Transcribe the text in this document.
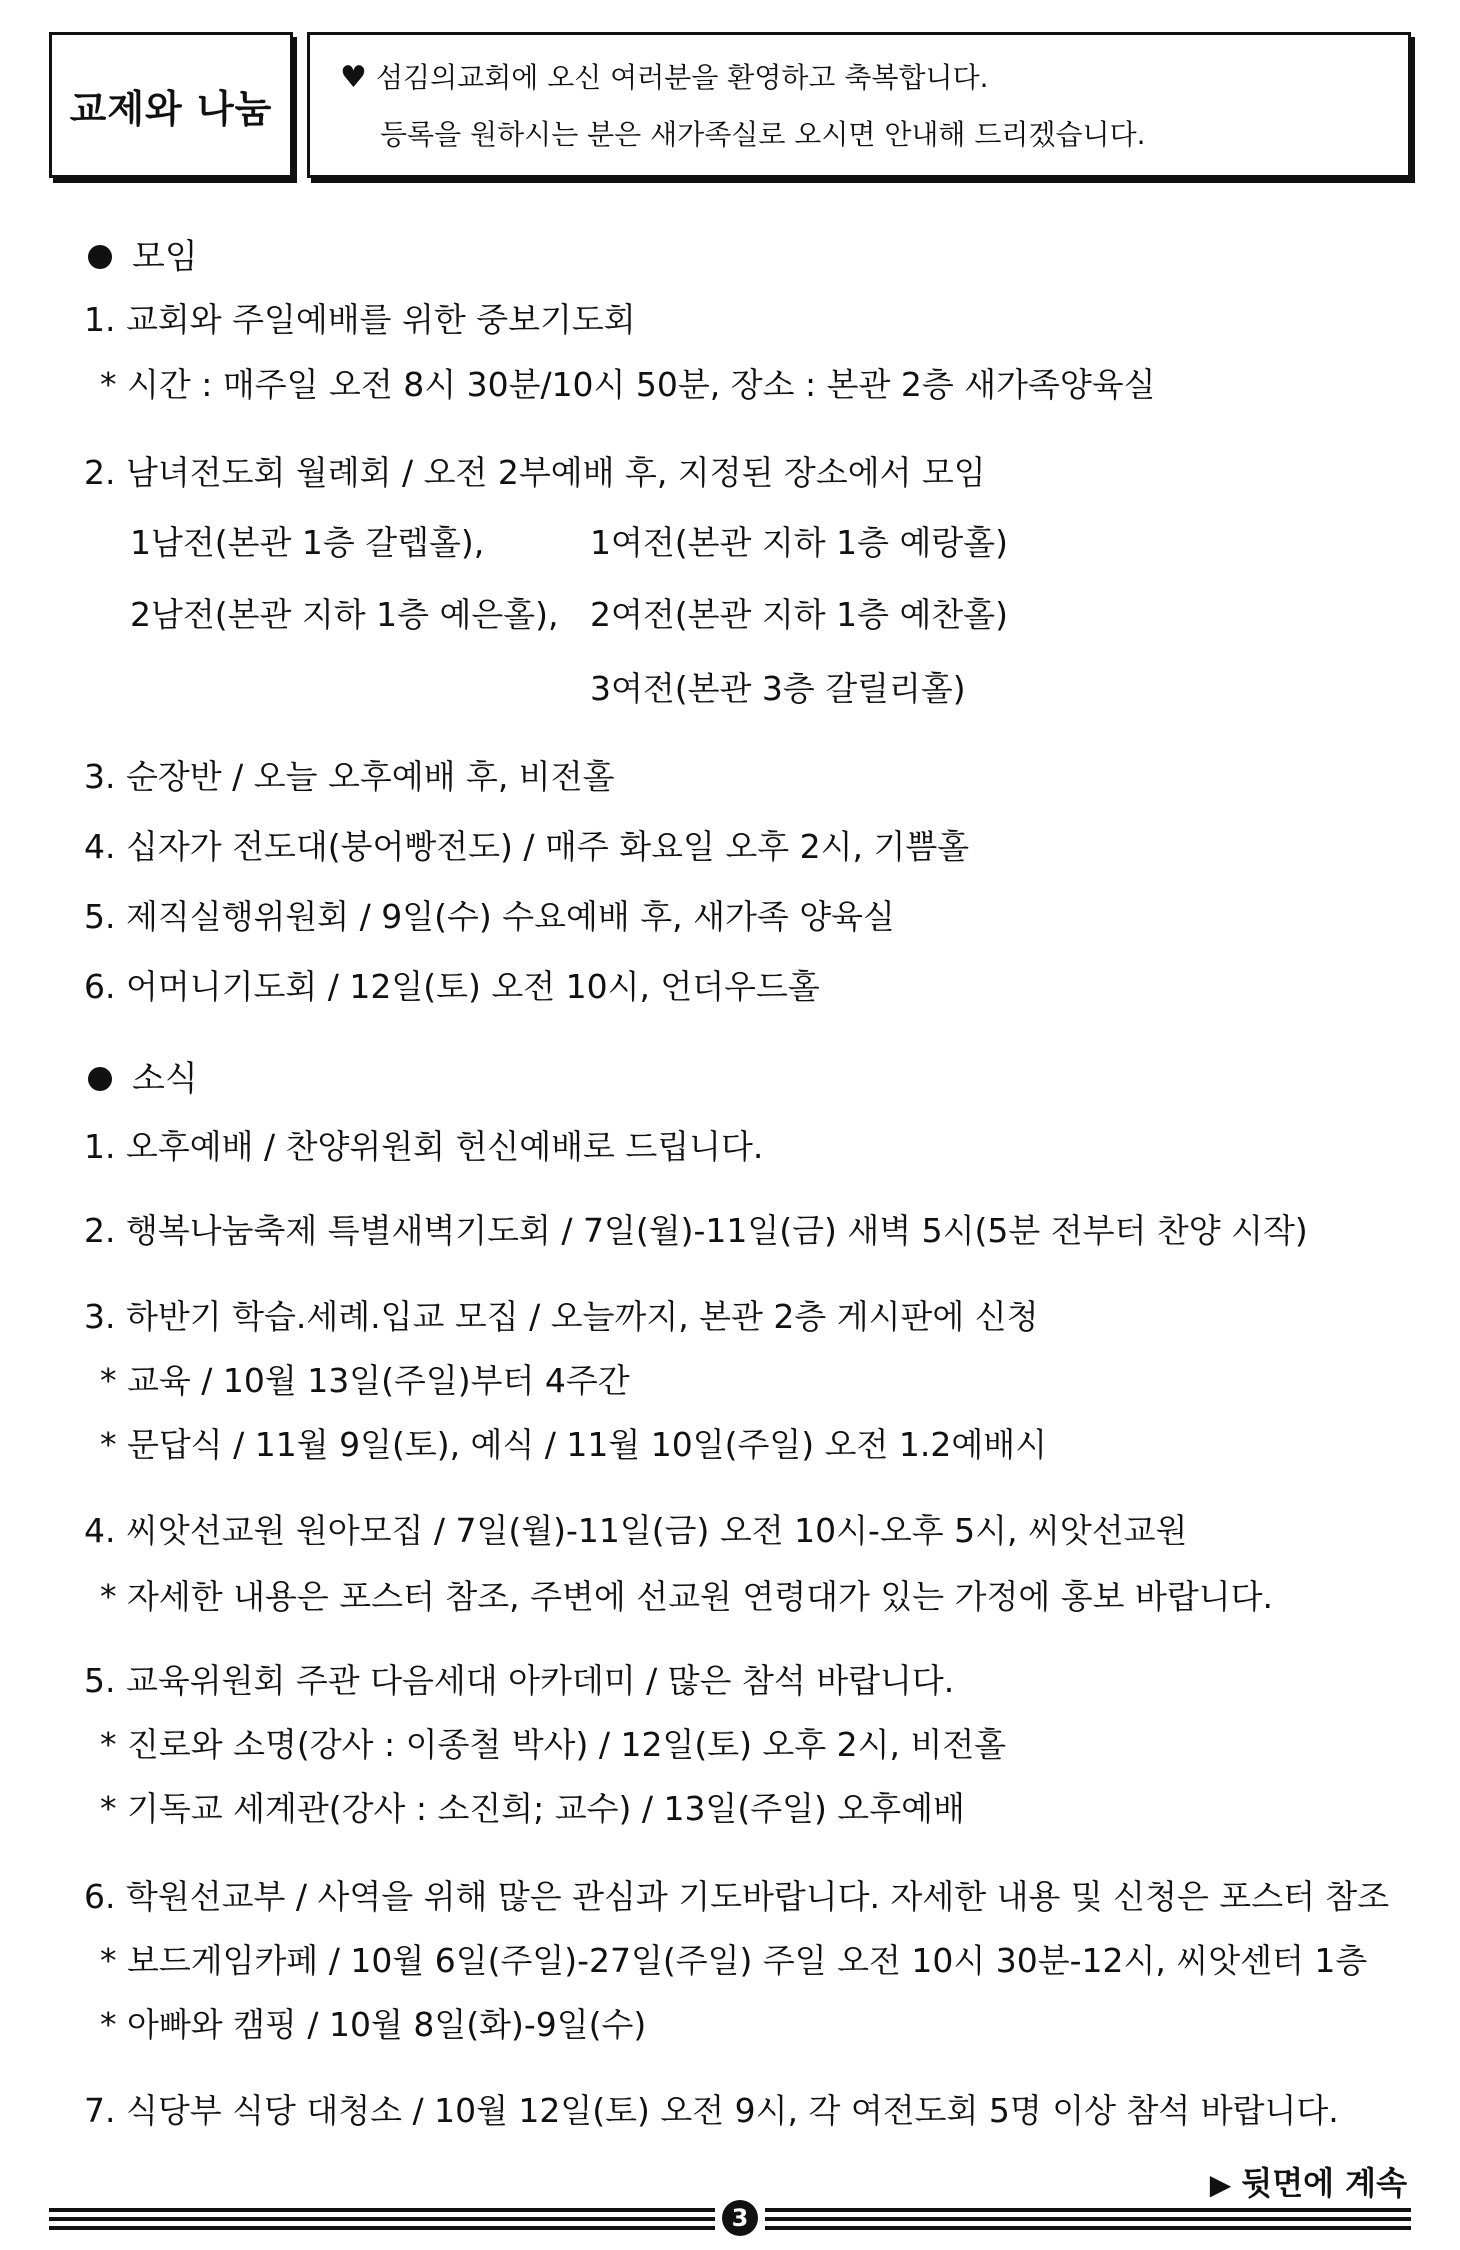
교제와 나눔
♥ 섬김의교회에 오신 여러분을 환영하고 축복합니다.
등록을 원하시는 분은 새가족실로 오시면 안내해 드리겠습니다.
모임
1. 교회와 주일예배를 위한 중보기도회
* 시간 : 매주일 오전 8시 30분/10시 50분, 장소 : 본관 2층 새가족양육실
2. 남녀전도회 월례회 / 오전 2부예배 후, 지정된 장소에서 모임
1남전(본관 1층 갈렙홀),	1여전(본관 지하 1층 예랑홀)
2남전(본관 지하 1층 예은홀), 2여전(본관 지하 1층 예찬홀)
3여전(본관 3층 갈릴리홀)
3. 순장반 / 오늘 오후예배 후, 비전홀
4. 십자가 전도대(붕어빵전도) / 매주 화요일 오후 2시, 기쁨홀
5. 제직실행위원회 / 9일(수) 수요예배 후, 새가족 양육실
6. 어머니기도회 / 12일(토) 오전 10시, 언더우드홀
소식
1. 오후예배 / 찬양위원회 헌신예배로 드립니다.
2. 행복나눔축제 특별새벽기도회 / 7일(월)-11일(금) 새벽 5시(5분 전부터 찬양 시작)
3. 하반기 학습.세례.입교 모집 / 오늘까지, 본관 2층 게시판에 신청
* 교육 / 10월 13일(주일)부터 4주간
* 문답식 / 11월 9일(토), 예식 / 11월 10일(주일) 오전 1.2예배시
4. 씨앗선교원 원아모집 / 7일(월)-11일(금) 오전 10시-오후 5시, 씨앗선교원
* 자세한 내용은 포스터 참조, 주변에 선교원 연령대가 있는 가정에 홍보 바랍니다.
5. 교육위원회 주관 다음세대 아카데미 / 많은 참석 바랍니다.
* 진로와 소명(강사 : 이종철 박사) / 12일(토) 오후 2시, 비전홀
* 기독교 세계관(강사 : 소진희; 교수) / 13일(주일) 오후예배
6. 학원선교부 / 사역을 위해 많은 관심과 기도바랍니다. 자세한 내용 및 신청은 포스터 참조
* 보드게임카페 / 10월 6일(주일)-27일(주일) 주일 오전 10시 30분-12시, 씨앗센터 1층
* 아빠와 캠핑 / 10월 8일(화)-9일(수)
7. 식당부 식당 대청소 / 10월 12일(토) 오전 9시, 각 여전도회 5명 이상 참석 바랍니다.
▶ 뒷면에 계속
3
